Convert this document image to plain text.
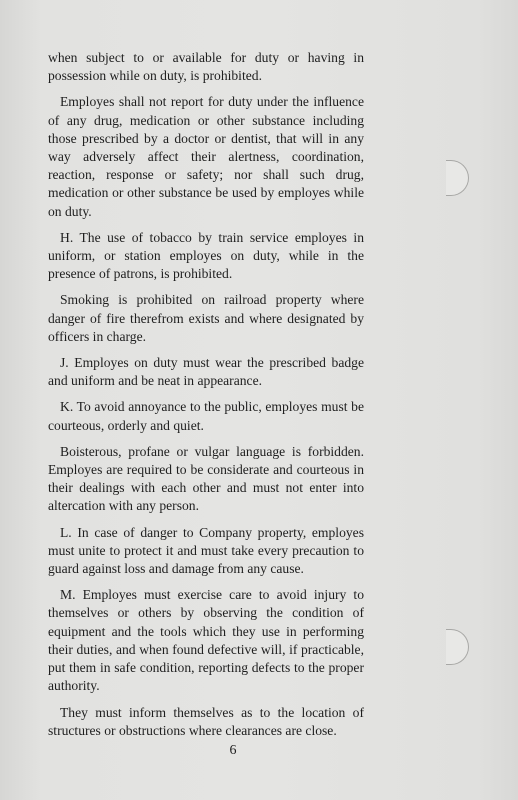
when subject to or available for duty or having in possession while on duty, is prohibited.

Employes shall not report for duty under the influence of any drug, medication or other substance including those prescribed by a doctor or dentist, that will in any way adversely affect their alertness, coordination, reaction, response or safety; nor shall such drug, medication or other substance be used by employes while on duty.

H. The use of tobacco by train service employes in uniform, or station employes on duty, while in the presence of patrons, is prohibited.

Smoking is prohibited on railroad property where danger of fire therefrom exists and where designated by officers in charge.

J. Employes on duty must wear the prescribed badge and uniform and be neat in appearance.

K. To avoid annoyance to the public, employes must be courteous, orderly and quiet.

Boisterous, profane or vulgar language is forbidden. Employes are required to be considerate and courteous in their dealings with each other and must not enter into altercation with any person.

L. In case of danger to Company property, employes must unite to protect it and must take every precaution to guard against loss and damage from any cause.

M. Employes must exercise care to avoid injury to themselves or others by observing the condition of equipment and the tools which they use in performing their duties, and when found defective will, if practicable, put them in safe condition, reporting defects to the proper authority.

They must inform themselves as to the location of structures or obstructions where clearances are close.

6
